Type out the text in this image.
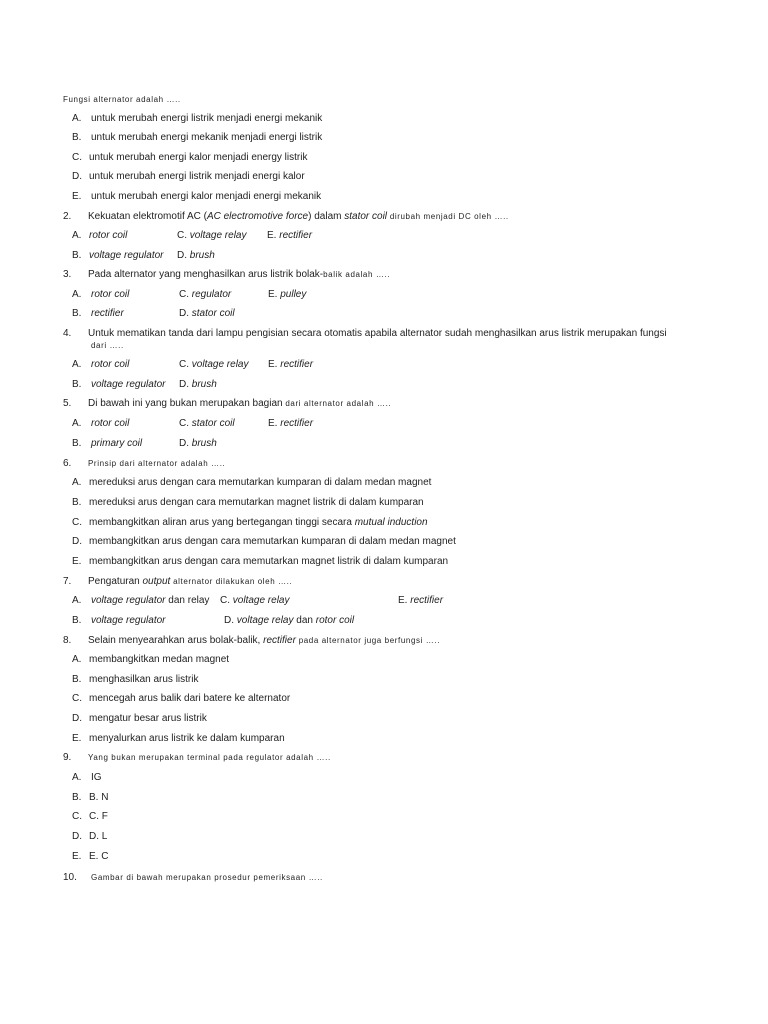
Fungsi alternator adalah …..
A. untuk merubah energi listrik menjadi energi mekanik
B. untuk merubah energi mekanik menjadi energi listrik
C. untuk merubah energi kalor menjadi energy listrik
D. untuk merubah energi listrik menjadi energi kalor
E. untuk merubah energi kalor menjadi energi mekanik
2. Kekuatan elektromotif AC (AC electromotive force) dalam stator coil dirubah menjadi DC oleh …..
A. rotor coil	C. voltage relay E. rectifier
B. voltage regulator D. brush
3. Pada alternator yang menghasilkan arus listrik bolak-balik adalah …..
A. rotor coil	C. regulator	E. pulley
B. rectifier	D. stator coil
4. Untuk mematikan tanda dari lampu pengisian secara otomatis apabila alternator sudah menghasilkan arus listrik merupakan fungsi
dari …..
A. rotor coil	C. voltage relay E. rectifier
B. voltage regulator D. brush
5. Di bawah ini yang bukan merupakan bagian dari alternator adalah …..
A. rotor coil	C. stator coil	E. rectifier
B. primary coil	D. brush
6. Prinsip dari alternator adalah …..
A. mereduksi arus dengan cara memutarkan kumparan di dalam medan magnet
B. mereduksi arus dengan cara memutarkan magnet listrik di dalam kumparan
C. membangkitkan aliran arus yang bertegangan tinggi secara mutual induction
D. membangkitkan arus dengan cara memutarkan kumparan di dalam medan magnet
E. membangkitkan arus dengan cara memutarkan magnet listrik di dalam kumparan
7. Pengaturan output alternator dilakukan oleh …..
A. voltage regulator dan relay C. voltage relay	E. rectifier
B. voltage regulator	D. voltage relay dan rotor coil
8. Selain menyearahkan arus bolak-balik, rectifier pada alternator juga berfungsi …..
A. membangkitkan medan magnet
B. menghasilkan arus listrik
C. mencegah arus balik dari batere ke alternator
D. mengatur besar arus listrik
E. menyalurkan arus listrik ke dalam kumparan
9. Yang bukan merupakan terminal pada regulator adalah …..
A. IG
B. B. N
C. C. F
D. D. L
E. E. C
10. Gambar di bawah merupakan prosedur pemeriksaan …..
